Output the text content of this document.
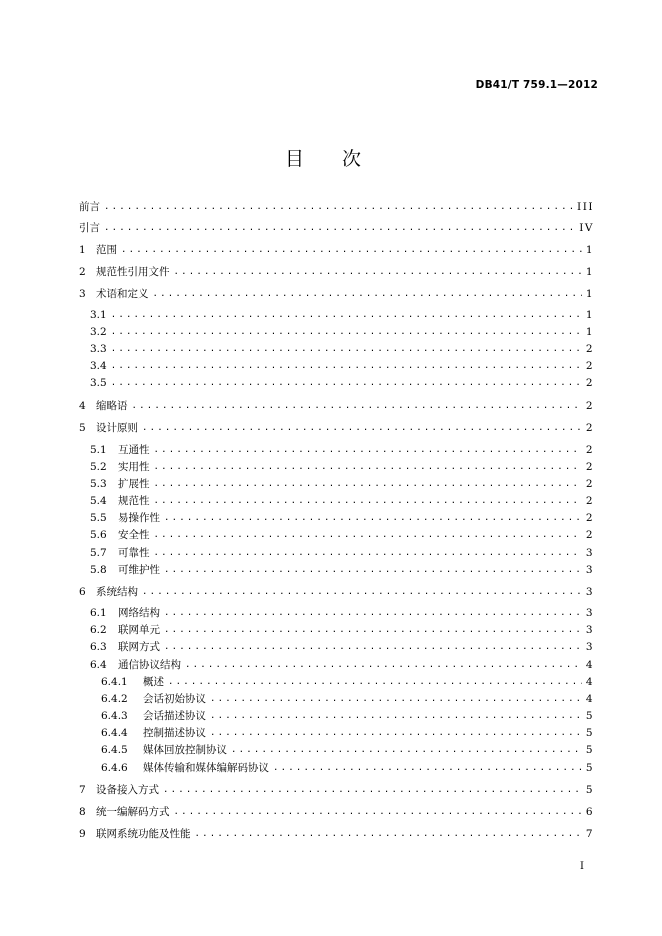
DB41/T 759.1—2012
目 次
前言 .....	III
引言 .....	IV
1 范围 .....	1
2 规范性引用文件 .....	1
3 术语和定义 .....	1
3.1 .....	1
3.2 .....	1
3.3 .....	2
3.4 .....	2
3.5 .....	2
4 缩略语 .....	2
5 设计原则 .....	2
5.1	互通性 .....	2
5.2	实用性 .....	2
5.3	扩展性 .....	2
5.4	规范性 .....	2
5.5	易操作性 .....	2
5.6	安全性 .....	2
5.7	可靠性 .....	3
5.8	可维护性 .....	3
6 系统结构 .....	3
6.1	网络结构 .....	3
6.2	联网单元 .....	3
6.3	联网方式 .....	3
6.4	通信协议结构 .....	4
6.4.1	概述 .....	4
6.4.2	会话初始协议 .....	4
6.4.3	会话描述协议 .....	5
6.4.4	控制描述协议 .....	5
6.4.5	媒体回放控制协议 .....	5
6.4.6	媒体传输和媒体编解码协议 .....	5
7 设备接入方式 .....	5
8 统一编解码方式 .....	6
9 联网系统功能及性能 .....	7
I
